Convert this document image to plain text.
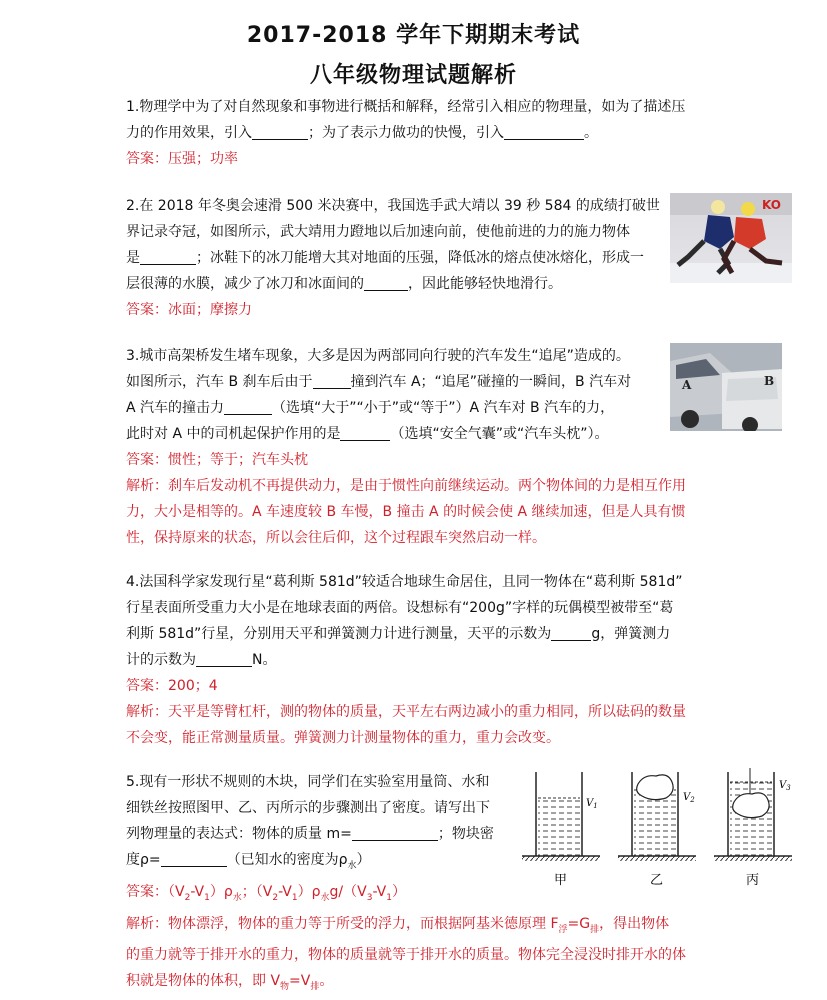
2017-2018 学年下期期末考试
八年级物理试题解析

1.物理学中为了对自然现象和事物进行概括和解释，经常引入相应的物理量，如为了描述压

力的作用效果，引入	；为了表示力做功的快慢，引入	。

答案：压强；功率

2.在 2018 年冬奥会速滑 500 米决赛中，我国选手武大靖以 39 秒 584 的成绩打破世

界记录夺冠，如图所示，武大靖用力蹬地以后加速向前，使他前进的力的施力物体

是	；冰鞋下的冰刀能增大其对地面的压强，降低冰的熔点使冰熔化，形成一

层很薄的水膜，减少了冰刀和冰面间的	，因此能够轻快地滑行。

答案：冰面；摩擦力

KO

3.城市高架桥发生堵车现象，大多是因为两部同向行驶的汽车发生“追尾”造成的。

如图所示，汽车 B 刹车后由于	撞到汽车 A；“追尾”碰撞的一瞬间，B 汽车对

A 汽车的撞击力	（选填“大于”“小于”或“等于”）A 汽车对 B 汽车的力，

此时对 A 中的司机起保护作用的是	（选填“安全气囊”或“汽车头枕”）。

答案：惯性；等于；汽车头枕

解析：刹车后发动机不再提供动力，是由于惯性向前继续运动。两个物体间的力是相互作用

力，大小是相等的。A 车速度较 B 车慢，B 撞击 A 的时候会使 A 继续加速，但是人具有惯

性，保持原来的状态，所以会往后仰，这个过程跟车突然启动一样。

A	B

4.法国科学家发现行星“葛利斯 581d”较适合地球生命居住，且同一物体在“葛利斯 581d”

行星表面所受重力大小是在地球表面的两倍。设想标有“200g”字样的玩偶模型被带至“葛

利斯 581d”行星，分别用天平和弹簧测力计进行测量，天平的示数为	g，弹簧测力

计的示数为	N。

答案：200；4

解析：天平是等臂杠杆，测的物体的质量，天平左右两边减小的重力相同，所以砝码的数量

不会变，能正常测量质量。弹簧测力计测量物体的重力，重力会改变。

5.现有一形状不规则的木块，同学们在实验室用量筒、水和

细铁丝按照图甲、乙、丙所示的步骤测出了密度。请写出下

列物理量的表达式：物体的质量 m=	；物块密

度ρ=	（已知水的密度为$\rho_水$）

答案：$(V_2-V_1)\rho_水$；$(V_2-V_1)\rho_水g/(V_3-V_1)$

解析：物体漂浮，物体的重力等于所受的浮力，而根据阿基米德原理 $F_浮=G_排$，得出物体

的重力就等于排开水的重力，物体的质量就等于排开水的质量。物体完全浸没时排开水的体

积就是物体的体积，即 $V_物=V_排$。

$V_1$
$V_2$
$V_3$
甲	乙	丙
